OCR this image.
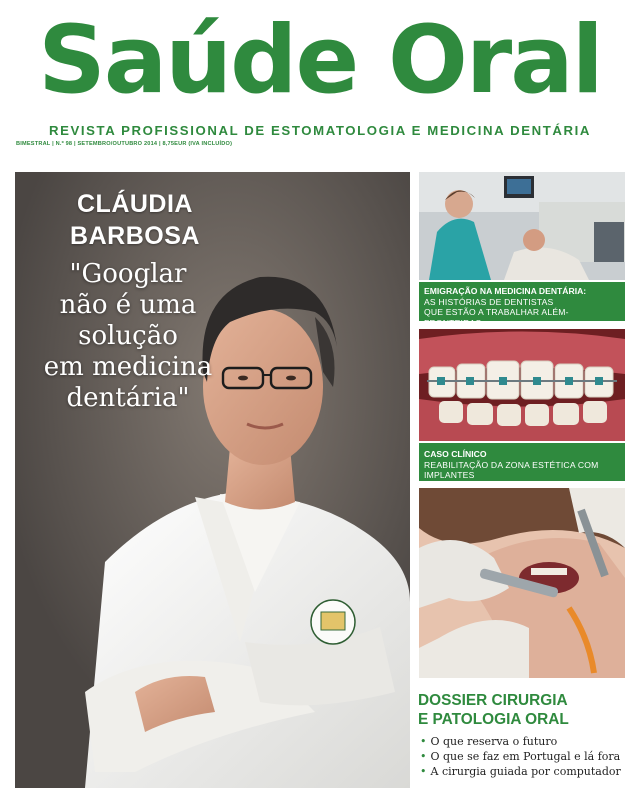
Saúde Oral
REVISTA PROFISSIONAL DE ESTOMATOLOGIA E MEDICINA DENTÁRIA
BIMESTRAL | N.º 98 | SETEMBRO/OUTUBRO 2014 | 8,75EUR (IVA INCLUÍDO)
CLÁUDIA
BARBOSA
"Googlar
não é uma
solução
em medicina
dentária"
EMIGRAÇÃO NA MEDICINA DENTÁRIA:
AS HISTÓRIAS DE DENTISTAS
QUE ESTÃO A TRABALHAR ALÉM-FRONTEIRAS
CASO CLÍNICO
REABILITAÇÃO DA ZONA ESTÉTICA COM IMPLANTES
DOSSIER CIRURGIA
E PATOLOGIA ORAL
• O que reserva o futuro
• O que se faz em Portugal e lá fora
• A cirurgia guiada por computador
